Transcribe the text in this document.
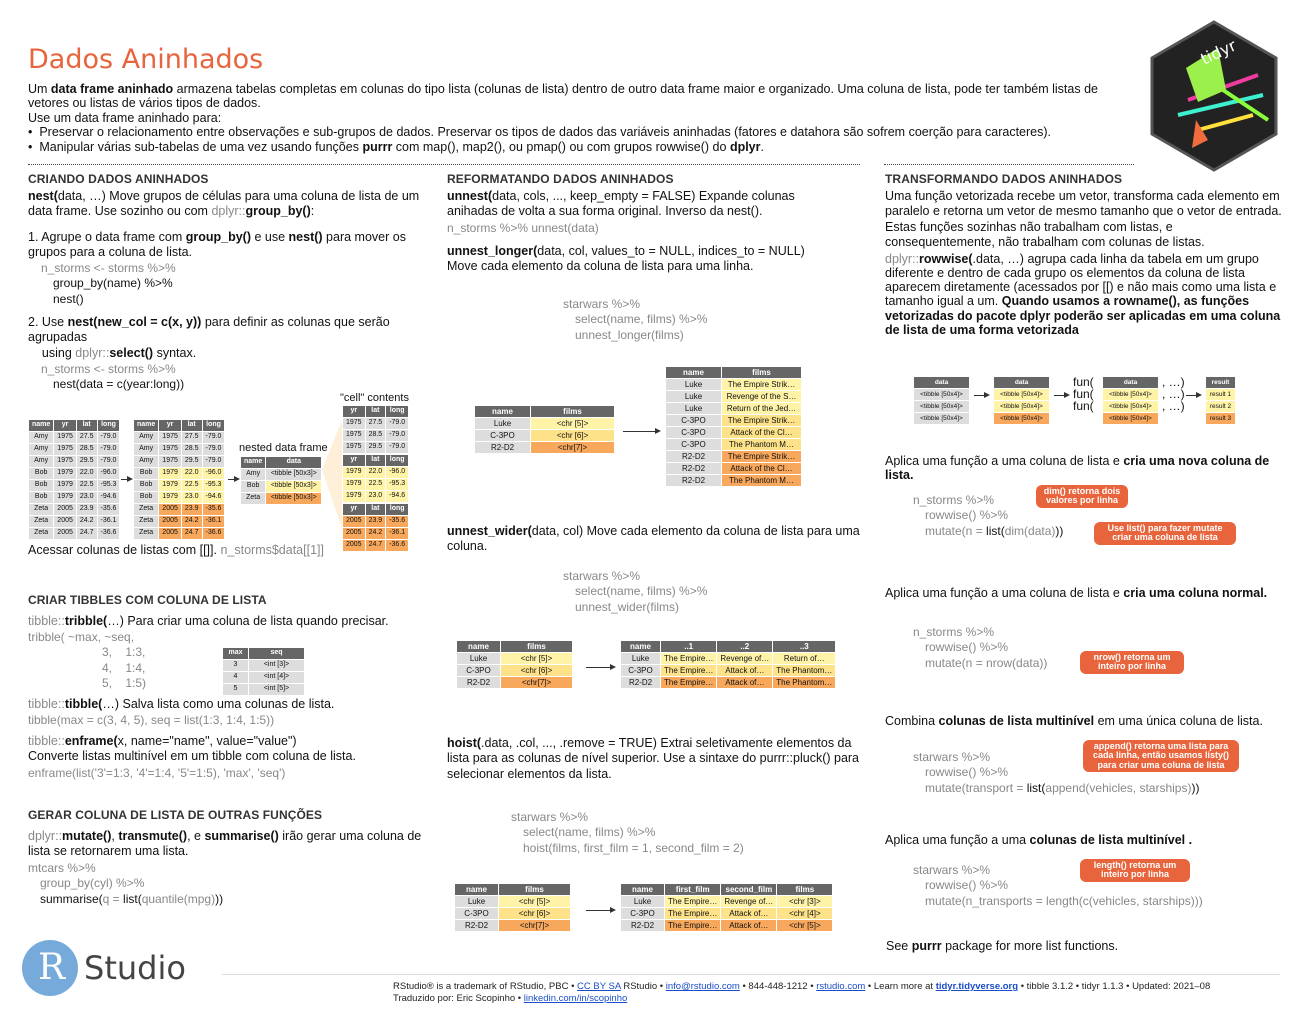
Dados Aninhados
Um data frame aninhado armazena tabelas completas em colunas do tipo lista (colunas de lista) dentro de outro data frame maior e organizado. Uma coluna de lista, pode ter também listas de vetores ou listas de vários tipos de dados.
Use um data frame aninhado para:
•  Preservar o relacionamento entre observações e sub-grupos de dados. Preservar os tipos de dados das variáveis aninhadas (fatores e datahora são sofrem coerção para caracteres).
•  Manipular várias sub-tabelas de uma vez usando funções purrr com map(), map2(), ou pmap() ou com grupos rowwise() do dplyr.
tidyr
CRIANDO DADOS ANINHADOS
nest(data, …) Move grupos de células para uma coluna de lista de um data frame. Use sozinho ou com dplyr::group_by():
1. Agrupe o data frame com group_by() e use nest() para mover os grupos para a coluna de lista.
n_storms <- storms %>%
group_by(name) %>%
nest()
2. Use nest(new_col = c(x, y)) para definir as colunas que serão agrupadas
using dplyr::select() syntax.
n_storms <- storms %>%
nest(data = c(year:long))
name	yr	lat	long
Amy	1975	27.5	-79.0
Amy	1975	28.5	-79.0
Amy	1975	29.5	-79.0
Bob	1979	22.0	-96.0
Bob	1979	22.5	-95.3
Bob	1979	23.0	-94.6
Zeta	2005	23.9	-35.6
Zeta	2005	24.2	-36.1
Zeta	2005	24.7	-36.6
name	yr	lat	long
Amy	1975	27.5	-79.0
Amy	1975	28.5	-79.0
Amy	1975	29.5	-79.0
Bob	1979	22.0	-96.0
Bob	1979	22.5	-95.3
Bob	1979	23.0	-94.6
Zeta	2005	23.9	-35.6
Zeta	2005	24.2	-36.1
Zeta	2005	24.7	-36.6
nested data frame
name	data
Amy	<tibble [50x3]>
Bob	<tibble [50x3]>
Zeta	<tibble [50x3]>
"cell" contents
yr	lat	long
1975	27.5	-79.0
1975	28.5	-79.0
1975	29.5	-79.0
yr	lat	long
1979	22.0	-96.0
1979	22.5	-95.3
1979	23.0	-94.6
yr	lat	long
2005	23.9	-35.6
2005	24.2	-36.1
2005	24.7	-36.6
Acessar colunas de listas com [[]]. n_storms$data[[1]]
CRIAR TIBBLES COM COLUNA DE LISTA
tibble::tribble(…) Para criar uma coluna de lista quando precisar.
tribble( ~max, ~seq,
3,    1:3,
4,    1:4,
5,    1:5)
max	seq
3	<int [3]>
4	<int [4]>
5	<int [5]>
tibble::tibble(…) Salva lista como uma colunas de lista.
tibble(max = c(3, 4, 5), seq = list(1:3, 1:4, 1:5))
tibble::enframe(x, name="name", value="value")
Converte listas multinível em um tibble com coluna de lista.
enframe(list('3'=1:3, '4'=1:4, '5'=1:5), 'max', 'seq')
GERAR COLUNA DE LISTA DE OUTRAS FUNÇÕES
dplyr::mutate(), transmute(), e summarise() irão gerar uma coluna de lista se retornarem uma lista.
mtcars %>%
group_by(cyl) %>%
summarise(q = list(quantile(mpg)))
R Studio
REFORMATANDO DADOS ANINHADOS
unnest(data, cols, ..., keep_empty = FALSE) Expande colunas anihadas de volta a sua forma original. Inverso da nest().
n_storms %>% unnest(data)
unnest_longer(data, col, values_to = NULL, indices_to = NULL)
Move cada elemento da coluna de lista para uma linha.
starwars %>%
select(name, films) %>%
unnest_longer(films)
name	films
Luke	<chr [5]>
C-3PO	<chr [6]>
R2-D2	<chr[7]>
name	films
Luke	The Empire Strik…
Luke	Revenge of the S…
Luke	Return of the Jed…
C-3PO	The Empire Strik…
C-3PO	Attack of the Cl…
C-3PO	The Phantom M…
R2-D2	The Empire Strik…
R2-D2	Attack of the Cl…
R2-D2	The Phantom M…
unnest_wider(data, col) Move cada elemento da coluna de lista para uma coluna.
starwars %>%
select(name, films) %>%
unnest_wider(films)
name	films
Luke	<chr [5]>
C-3PO	<chr [6]>
R2-D2	<chr[7]>
name	..1	..2	..3
Luke	The Empire…	Revenge of…	Return of…
C-3PO	The Empire…	Attack of…	The Phantom…
R2-D2	The Empire…	Attack of…	The Phantom…
hoist(.data, .col, ..., .remove = TRUE) Extrai seletivamente elementos da lista para as colunas de nível superior. Use a sintaxe do purrr::pluck() para selecionar elementos da lista.
starwars %>%
select(name, films) %>%
hoist(films, first_film = 1, second_film = 2)
name	films
Luke	<chr [5]>
C-3PO	<chr [6]>
R2-D2	<chr[7]>
name	first_film	second_film	films
Luke	The Empire…	Revenge of…	<chr [3]>
C-3PO	The Empire…	Attack of…	<chr [4]>
R2-D2	The Empire…	Attack of…	<chr [5]>
TRANSFORMANDO DADOS ANINHADOS
Uma função vetorizada recebe um vetor, transforma cada elemento em paralelo e retorna um vetor de mesmo tamanho que o vetor de entrada. Estas funções sozinhas não trabalham com listas, e consequentemente, não trabalham com colunas de listas.
dplyr::rowwise(.data, …) agrupa cada linha da tabela em um grupo diferente e dentro de cada grupo os elementos da coluna de lista aparecem diretamente (acessados por [[) e não mais como uma lista e tamanho igual a um. Quando usamos a rowname(), as funções vetorizadas do pacote dplyr poderão ser aplicadas em uma coluna de lista de uma forma vetorizada
data
<tibble [50x4]>
<tibble [50x4]>
<tibble [50x4]>
data
<tibble [50x4]>
<tibble [50x4]>
<tibble [50x4]>
fun(	, …)
fun(	, …)
fun(	, …)
data
<tibble [50x4]>
<tibble [50x4]>
<tibble [50x4]>
result
result 1
result 2
result 3
Aplica uma função a uma coluna de lista e cria uma nova coluna de lista.
n_storms %>%
rowwise() %>%
mutate(n = list(dim(data)))
dim() retorna dois valores por linha
Use list() para fazer mutate criar uma coluna de lista
Aplica uma função a uma coluna de lista e cria uma coluna normal.
n_storms %>%
rowwise() %>%
mutate(n = nrow(data))	nrow() retorna um inteiro por linha
Combina colunas de lista multinível em uma única coluna de lista.
starwars %>%
rowwise() %>%
mutate(transport = list(append(vehicles, starships)))
append() retorna uma lista para cada linha, então usamos listy() para criar uma coluna de lista
Aplica uma função a uma colunas de lista multinível .
starwars %>%
rowwise() %>%
mutate(n_transports = length(c(vehicles, starships)))
length() retorna um inteiro por linha
See purrr package for more list functions.
RStudio® is a trademark of RStudio, PBC • CC BY SA RStudio • info@rstudio.com • 844-448-1212 • rstudio.com • Learn more at tidyr.tidyverse.org • tibble 3.1.2 • tidyr 1.1.3 • Updated: 2021–08
Traduzido por: Eric Scopinho • linkedin.com/in/scopinho
